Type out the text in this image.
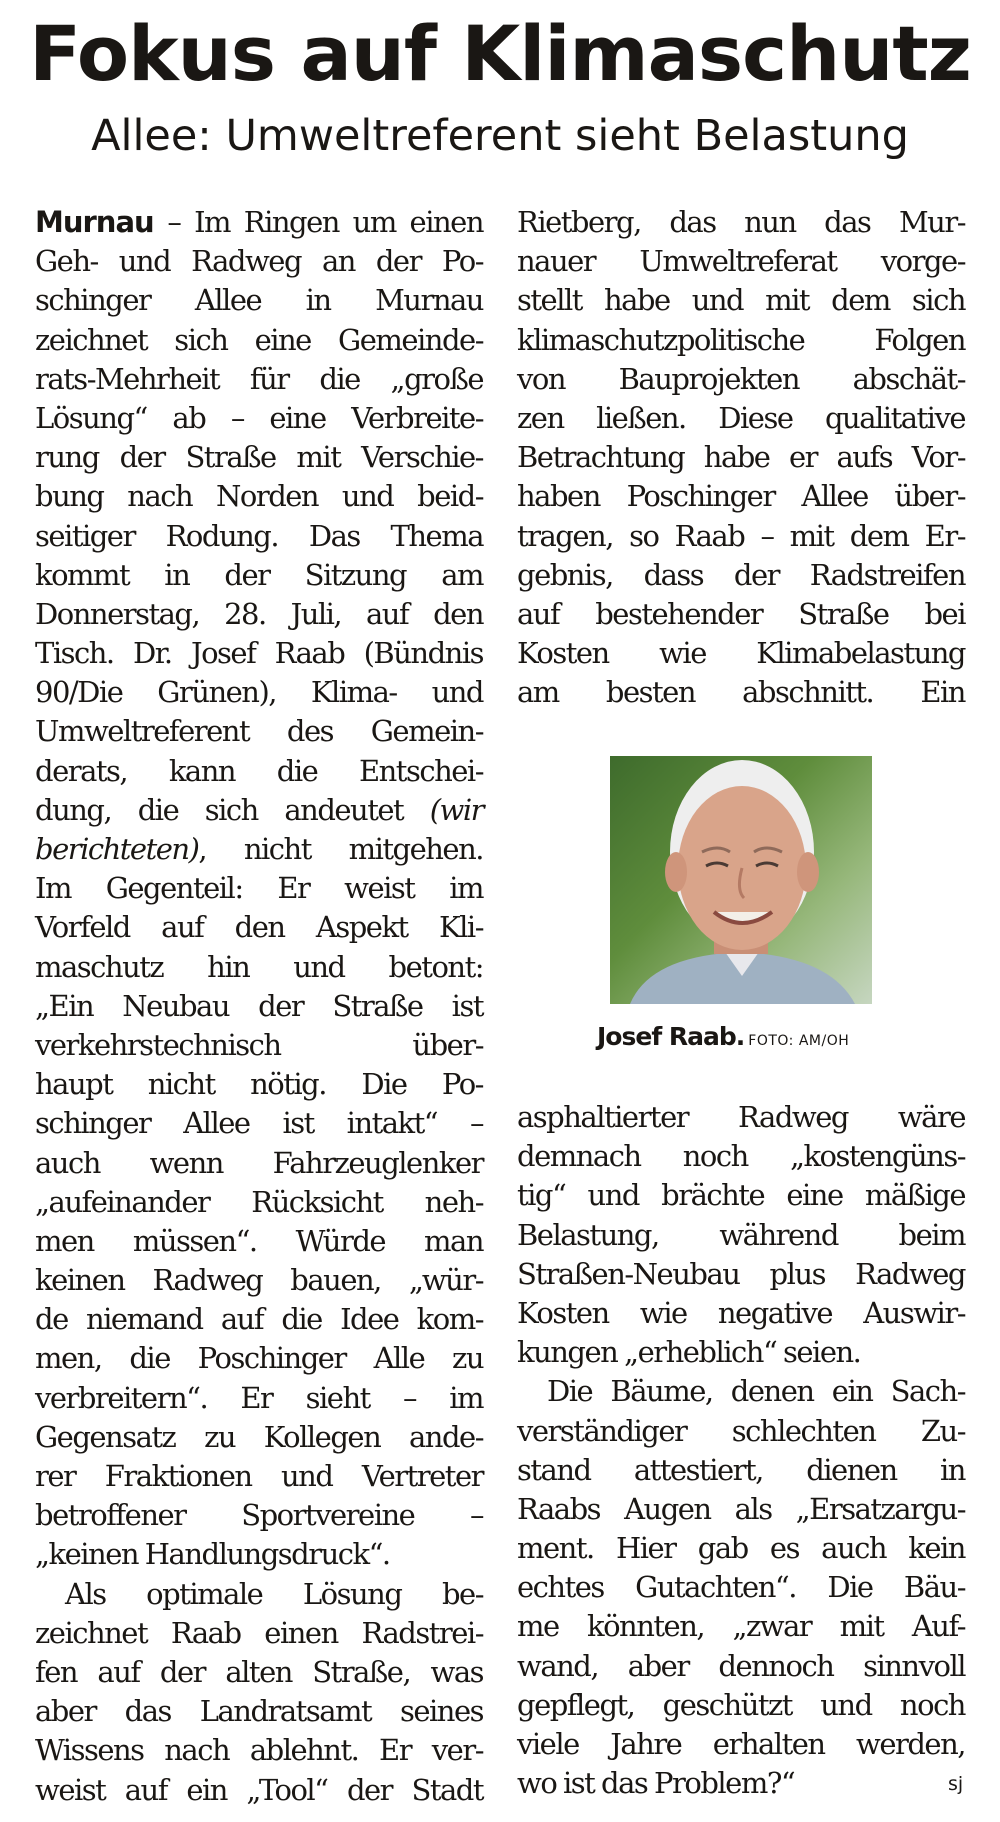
Fokus auf Klimaschutz
Allee: Umweltreferent sieht Belastung
Murnau – Im Ringen um einen
Geh- und Radweg an der Po-
schinger Allee in Murnau
zeichnet sich eine Gemeinde-
rats-Mehrheit für die „große
Lösung“ ab – eine Verbreite-
rung der Straße mit Verschie-
bung nach Norden und beid-
seitiger Rodung. Das Thema
kommt in der Sitzung am
Donnerstag, 28. Juli, auf den
Tisch. Dr. Josef Raab (Bündnis
90/Die Grünen), Klima- und
Umweltreferent des Gemein-
derats, kann die Entschei-
dung, die sich andeutet (wir
berichteten), nicht mitgehen.
Im Gegenteil: Er weist im
Vorfeld auf den Aspekt Kli-
maschutz hin und betont:
„Ein Neubau der Straße ist
verkehrstechnisch über-
haupt nicht nötig. Die Po-
schinger Allee ist intakt“ –
auch wenn Fahrzeuglenker
„aufeinander Rücksicht neh-
men müssen“. Würde man
keinen Radweg bauen, „wür-
de niemand auf die Idee kom-
men, die Poschinger Alle zu
verbreitern“. Er sieht – im
Gegensatz zu Kollegen ande-
rer Fraktionen und Vertreter
betroffener Sportvereine –
„keinen Handlungsdruck“.
Als optimale Lösung be-
zeichnet Raab einen Radstrei-
fen auf der alten Straße, was
aber das Landratsamt seines
Wissens nach ablehnt. Er ver-
weist auf ein „Tool“ der Stadt
Rietberg, das nun das Mur-
nauer Umweltreferat vorge-
stellt habe und mit dem sich
klimaschutzpolitische Folgen
von Bauprojekten abschät-
zen ließen. Diese qualitative
Betrachtung habe er aufs Vor-
haben Poschinger Allee über-
tragen, so Raab – mit dem Er-
gebnis, dass der Radstreifen
auf bestehender Straße bei
Kosten wie Klimabelastung
am besten abschnitt. Ein
Josef Raab. FOTO: AM/OH
asphaltierter Radweg wäre
demnach noch „kostengüns-
tig“ und brächte eine mäßige
Belastung, während beim
Straßen-Neubau plus Radweg
Kosten wie negative Auswir-
kungen „erheblich“ seien.
Die Bäume, denen ein Sach-
verständiger schlechten Zu-
stand attestiert, dienen in
Raabs Augen als „Ersatzargu-
ment. Hier gab es auch kein
echtes Gutachten“. Die Bäu-
me könnten, „zwar mit Auf-
wand, aber dennoch sinnvoll
gepflegt, geschützt und noch
viele Jahre erhalten werden,
wo ist das Problem?“	sj
